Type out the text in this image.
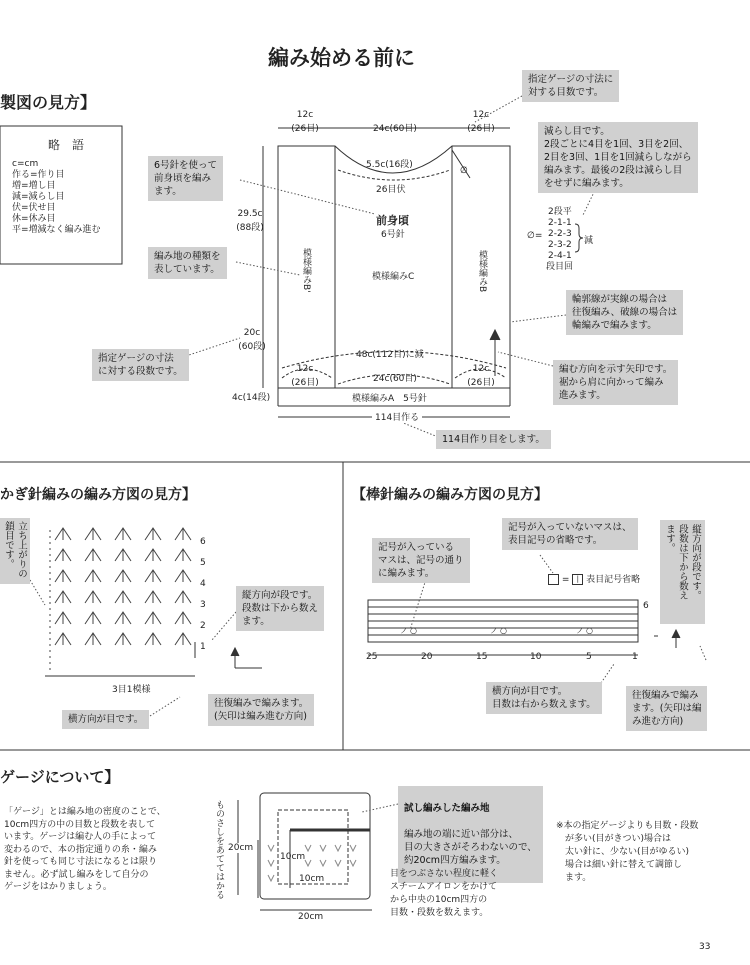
ノ ○	ノ ○	ノ ○
編み始める前に
製図の見方】
略　語
c=cm
作る=作り目
増=増し目
減=減らし目
伏=伏せ目
休=休み目
平=増減なく編み進む
12c
(26目)	24c(60目)
12c
(26目)
5.5c(16段)
26目伏
∅
前身頃
6号針
模様編みB'	模様編みB
模様編みC
29.5c
(88段)
20c
(60段)
4c(14段)
48c(112目)に減
12c
(26目)	24c(60目)
12c
(26目)
模様編みA　5号針
114目作る
2段平
2-1-1
2-2-3
2-3-2
2-4-1
段目回
∅=	減
指定ゲージの寸法に
対する目数です。
減らし目です。
2段ごとに4目を1回、3目を2回、
2目を3回、1目を1回減らしながら
編みます。最後の2段は減らし目
をせずに編みます。
6号針を使って
前身頃を編み
ます。
編み地の種類を
表しています。
輪郭線が実線の場合は
往復編み、破線の場合は
輪編みで編みます。
指定ゲージの寸法
に対する段数です。	編む方向を示す矢印です。
裾から肩に向かって編み
進みます。
114目作り目をします。
かぎ針編みの編み方図の見方】
立ち上がりの
鎖目です。	6
5
4
3
2
1
3目1模様
縦方向が段です。
段数は下から数え
ます。
横方向が目です。
往復編みで編みます。
(矢印は編み進む方向)
【棒針編みの編み方図の見方】
記号が入っている
マスは、記号の通り
に編みます。
記号が入っていないマスは、
表目記号の省略です。
= | 表目記号省略
6
25	20	15	10	5	1
横方向が目です。
目数は右から数えます。
縦方向が段です。
段数は下から数え
ます。
往復編みで編み
ます。(矢印は編
み進む方向)
ゲージについて】
「ゲージ」とは編み地の密度のことで、
10cm四方の中の目数と段数を表して
います。ゲージは編む人の手によって
変わるので、本の指定通りの糸・編み
針を使っても同じ寸法になるとは限り
ません。必ず試し編みをして自分の
ゲージをはかりましょう。	ものさしをあててはかる 20cm
10cm
10cm
20cm

試し編みした編み地

編み地の端に近い部分は、
目の大きさがそろわないので、
約20cm四方編みます。

目をつぶさない程度に軽く
スチームアイロンをかけて
から中央の10cm四方の
目数・段数を数えます。
※本の指定ゲージよりも目数・段数
　が多い(目がきつい)場合は
　太い針に、少ない(目がゆるい)
　場合は細い針に替えて調節し
　ます。
33
